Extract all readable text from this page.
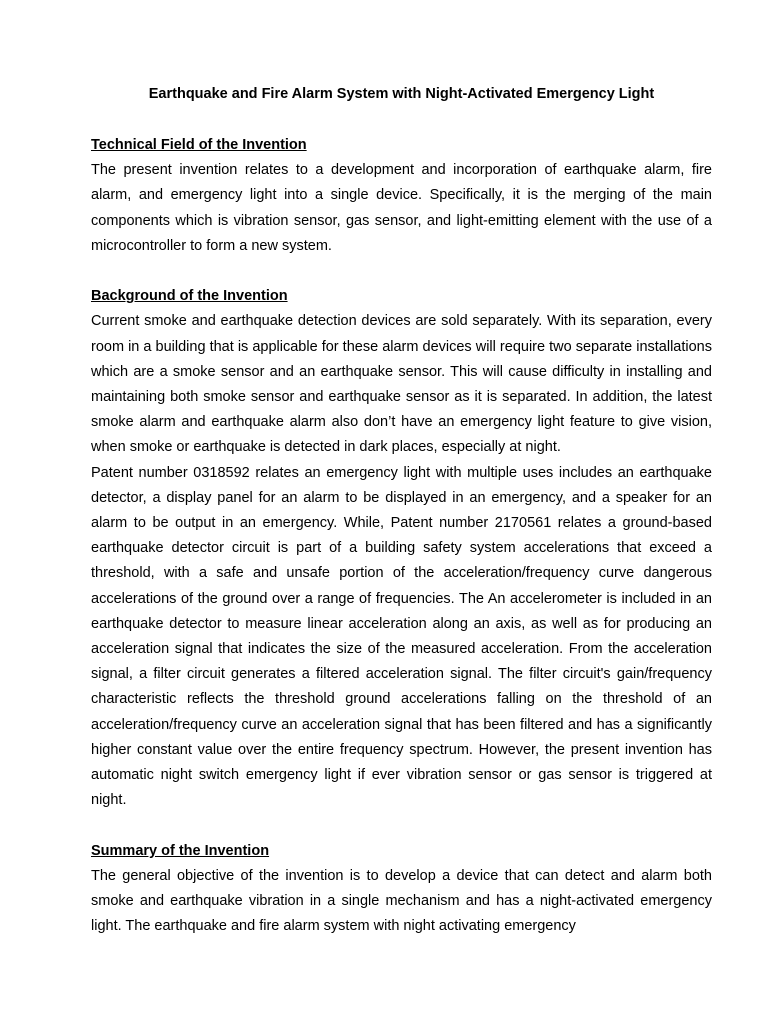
Earthquake and Fire Alarm System with Night-Activated Emergency Light

Technical Field of the Invention

The present invention relates to a development and incorporation of earthquake alarm, fire alarm, and emergency light into a single device. Specifically, it is the merging of the main components which is vibration sensor, gas sensor, and light-emitting element with the use of a microcontroller to form a new system.

Background of the Invention

Current smoke and earthquake detection devices are sold separately. With its separation, every room in a building that is applicable for these alarm devices will require two separate installations which are a smoke sensor and an earthquake sensor. This will cause difficulty in installing and maintaining both smoke sensor and earthquake sensor as it is separated. In addition, the latest smoke alarm and earthquake alarm also don’t have an emergency light feature to give vision, when smoke or earthquake is detected in dark places, especially at night.

Patent number 0318592 relates an emergency light with multiple uses includes an earthquake detector, a display panel for an alarm to be displayed in an emergency, and a speaker for an alarm to be output in an emergency. While, Patent number 2170561 relates a ground-based earthquake detector circuit is part of a building safety system accelerations that exceed a threshold, with a safe and unsafe portion of the acceleration/frequency curve dangerous accelerations of the ground over a range of frequencies. The An accelerometer is included in an earthquake detector to measure linear acceleration along an axis, as well as for producing an acceleration signal that indicates the size of the measured acceleration. From the acceleration signal, a filter circuit generates a filtered acceleration signal. The filter circuit's gain/frequency characteristic reflects the threshold ground accelerations falling on the threshold of an acceleration/frequency curve an acceleration signal that has been filtered and has a significantly higher constant value over the entire frequency spectrum. However, the present invention has automatic night switch emergency light if ever vibration sensor or gas sensor is triggered at night.

Summary of the Invention

The general objective of the invention is to develop a device that can detect and alarm both smoke and earthquake vibration in a single mechanism and has a night-activated emergency light. The earthquake and fire alarm system with night activating emergency
